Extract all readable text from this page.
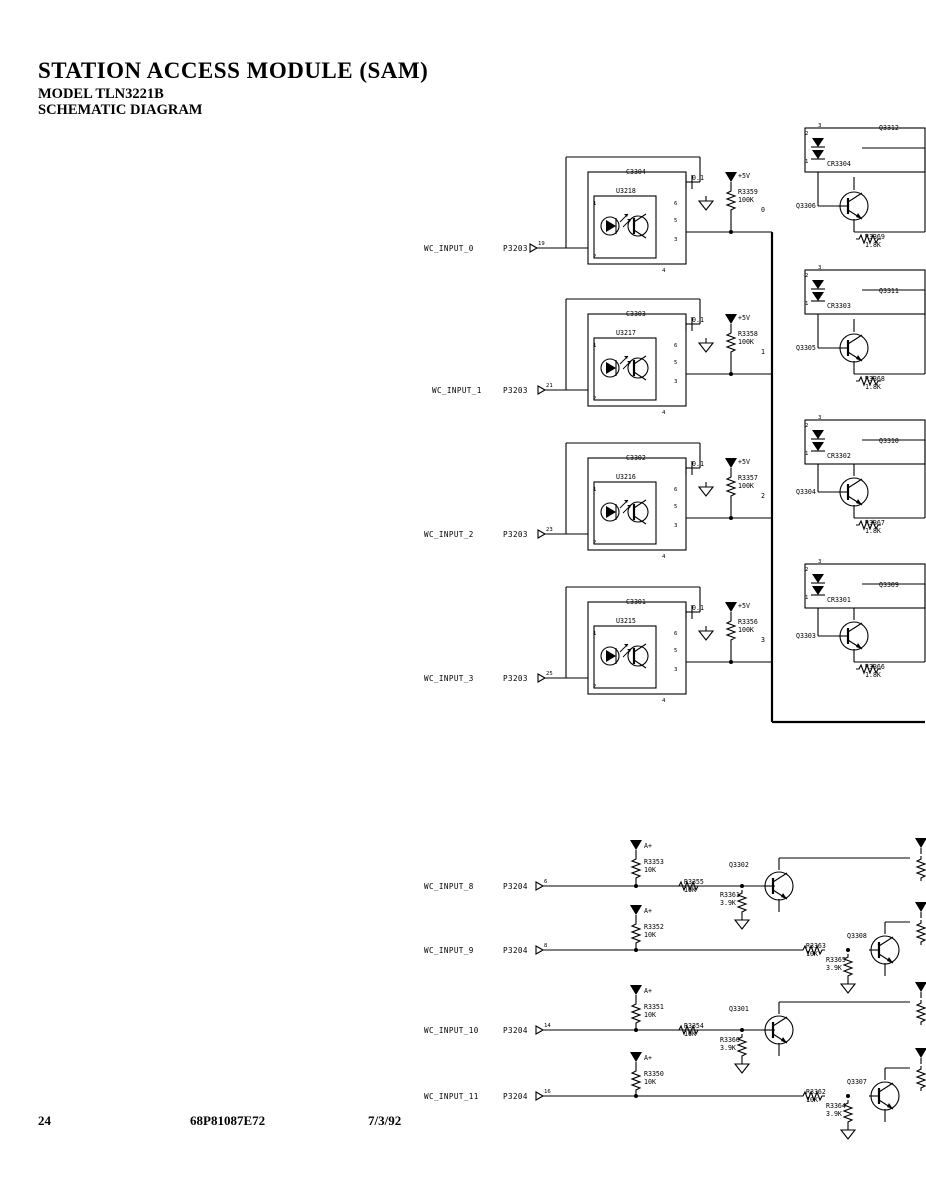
STATION ACCESS MODULE (SAM)
MODEL TLN3221B
SCHEMATIC DIAGRAM
WC_INPUT_0	P3203 19
U3218
1
2
6
5
3
4
C3304
0.1	+5V
R3359
100K
0
CR3304
2
1
3	Q3312
Q3306
R3369
1.8K
WC_INPUT_1	P3203	21
U3217
1
2
6
5
3
4
C3303
0.1	+5V
R3358
100K
1
CR3303
2
1
3
Q3311
Q3305
R3368
1.8K
WC_INPUT_2	P3203	23
U3216
1
2
6
5
3
4
C3302
0.1	+5V
R3357
100K
2
CR3302
2
1
3
Q3310
Q3304
R3367
1.8K
WC_INPUT_3	P3203	25
U3215
1
2
6
5
3
4
C3301
0.1	+5V
R3356
100K
3
CR3301
2
1
3
Q3309
Q3303
R3366
1.8K
WC_INPUT_8	P3204	6
A+
R3353
10K
R3355
10K
R3361
3.9K
Q3302
WC_INPUT_9	P3204	8
A+
R3352
10K
R3363
10K
R3365
3.9K
Q3308
WC_INPUT_10	P3204	14
A+
R3351
10K
R3354
10K
R3360
3.9K
Q3301
WC_INPUT_11	P3204	16
A+
R3350
10K
R3362
10K
R3364
3.9K
Q3307
24	68P81087E72	7/3/92
